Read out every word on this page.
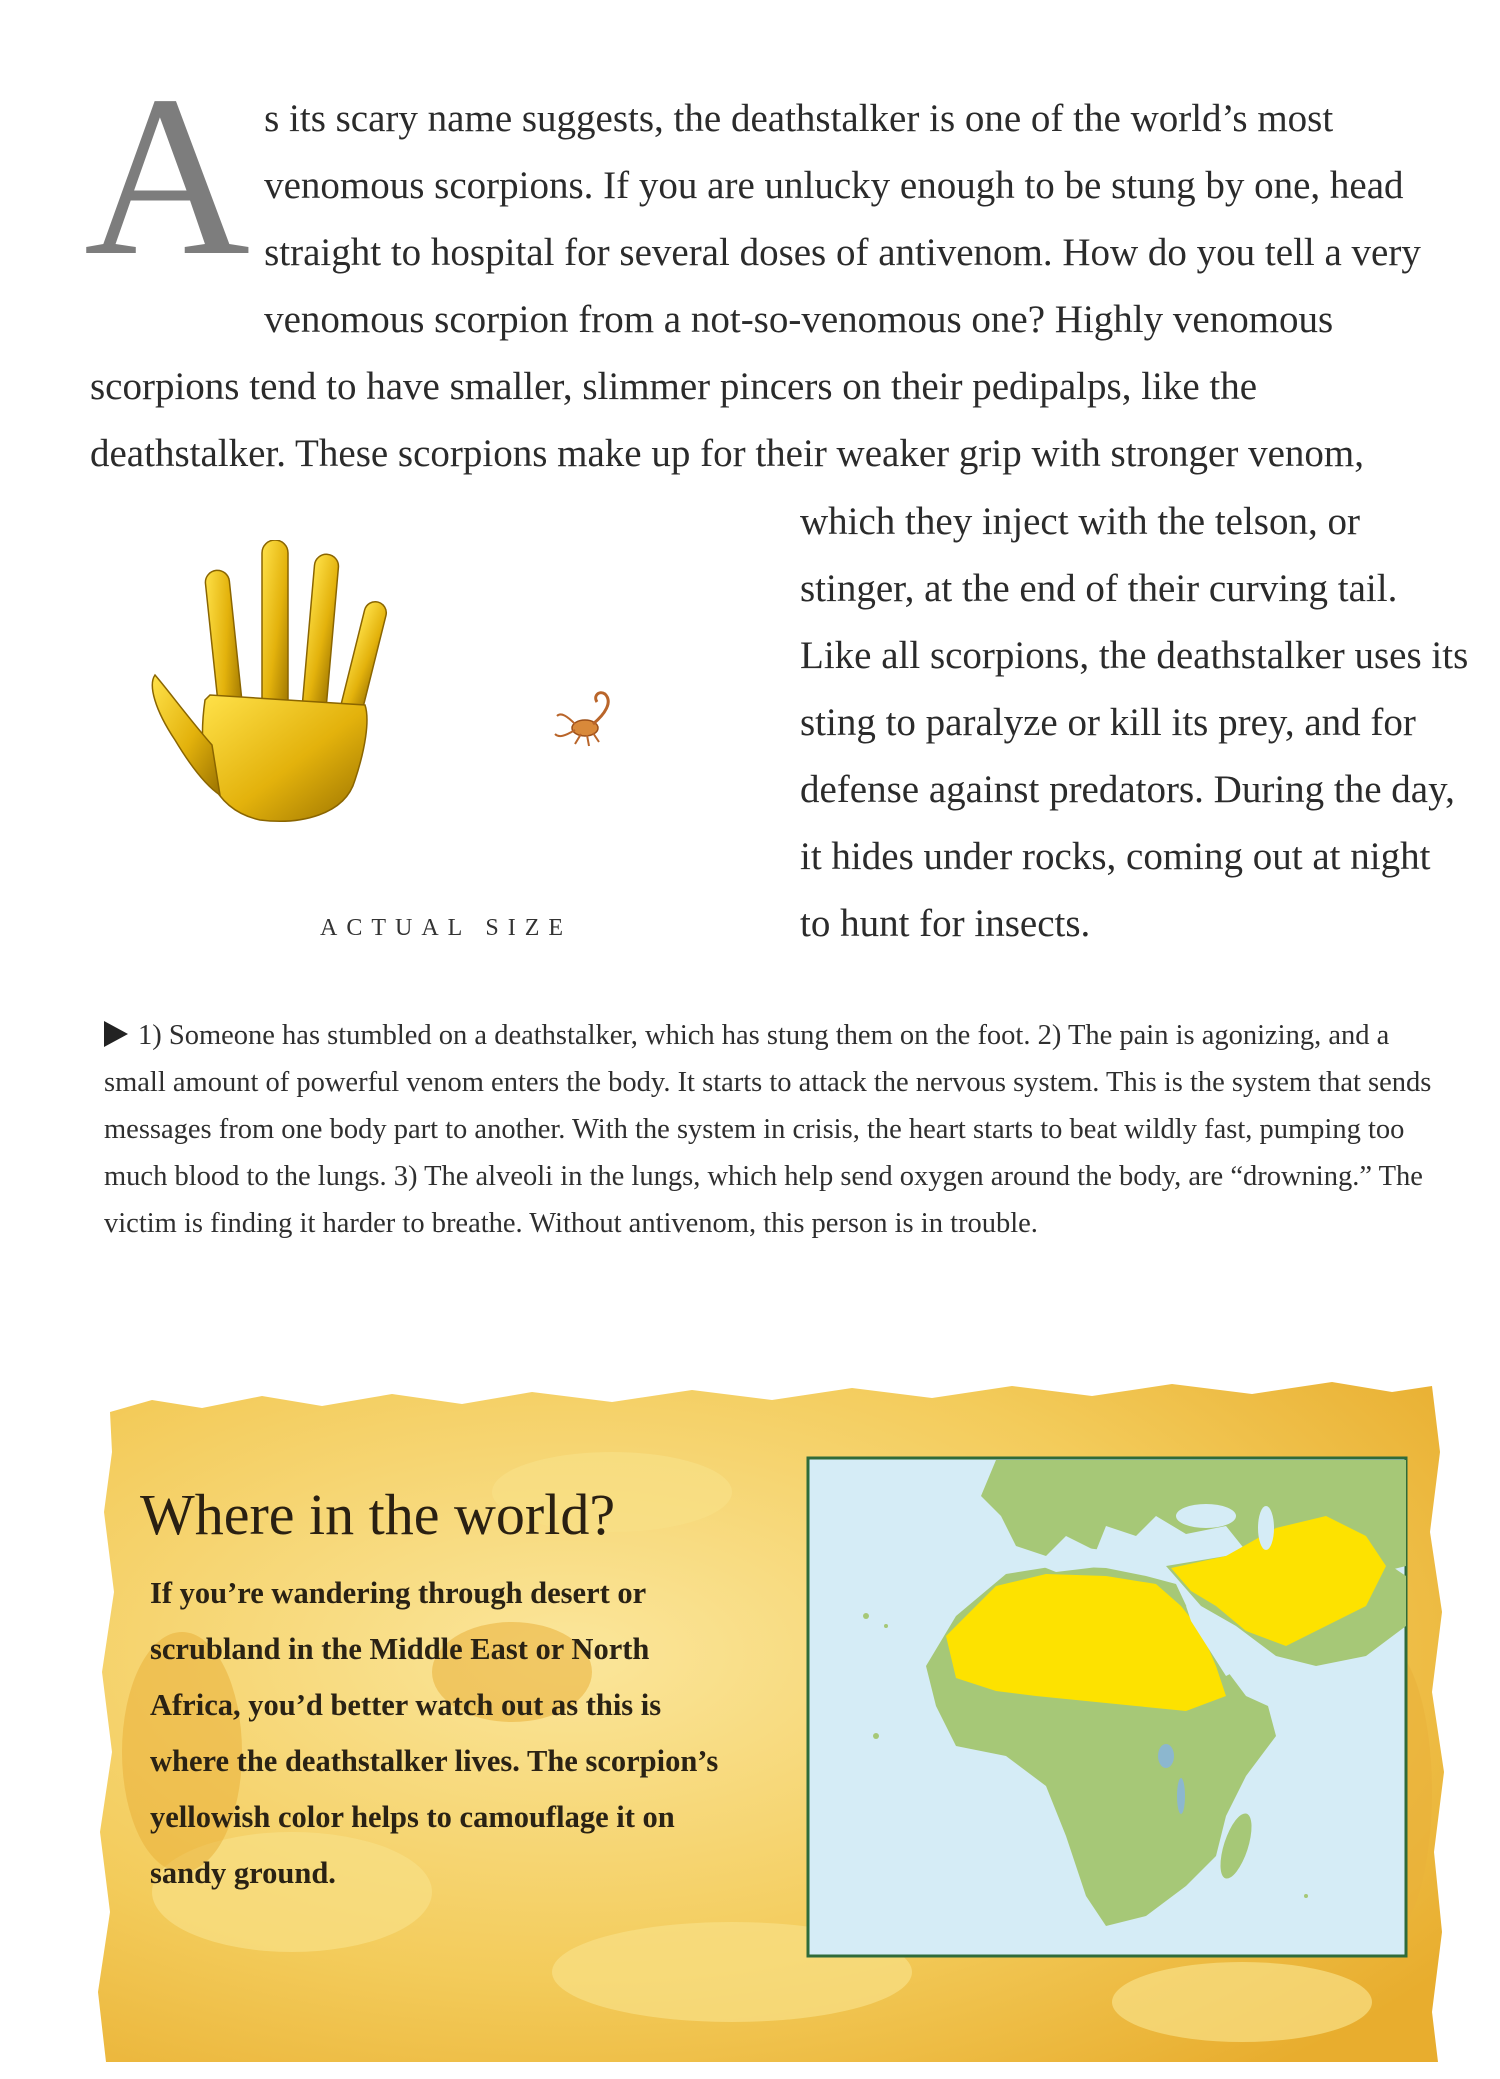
A s its scary name suggests, the deathstalker is one of the world’s most venomous scorpions. If you are unlucky enough to be stung by one, head straight to hospital for several doses of antivenom. How do you tell a very venomous scorpion from a not-so-venomous one? Highly venomous scorpions tend to have smaller, slimmer pincers on their pedipalps, like the deathstalker. These scorpions make up for their weaker grip with stronger venom,
which they inject with the telson, or stinger, at the end of their curving tail. Like all scorpions, the deathstalker uses its sting to paralyze or kill its prey, and for defense against predators. During the day, it hides under rocks, coming out at night to hunt for insects.
ACTUAL SIZE
1) Someone has stumbled on a deathstalker, which has stung them on the foot. 2) The pain is agonizing, and a small amount of powerful venom enters the body. It starts to attack the nervous system. This is the system that sends messages from one body part to another. With the system in crisis, the heart starts to beat wildly fast, pumping too much blood to the lungs. 3) The alveoli in the lungs, which help send oxygen around the body, are “drowning.” The victim is finding it harder to breathe. Without antivenom, this person is in trouble.
Where in the world?
If you’re wandering through desert or scrubland in the Middle East or North Africa, you’d better watch out as this is where the deathstalker lives. The scorpion’s yellowish color helps to camouflage it on sandy ground.
